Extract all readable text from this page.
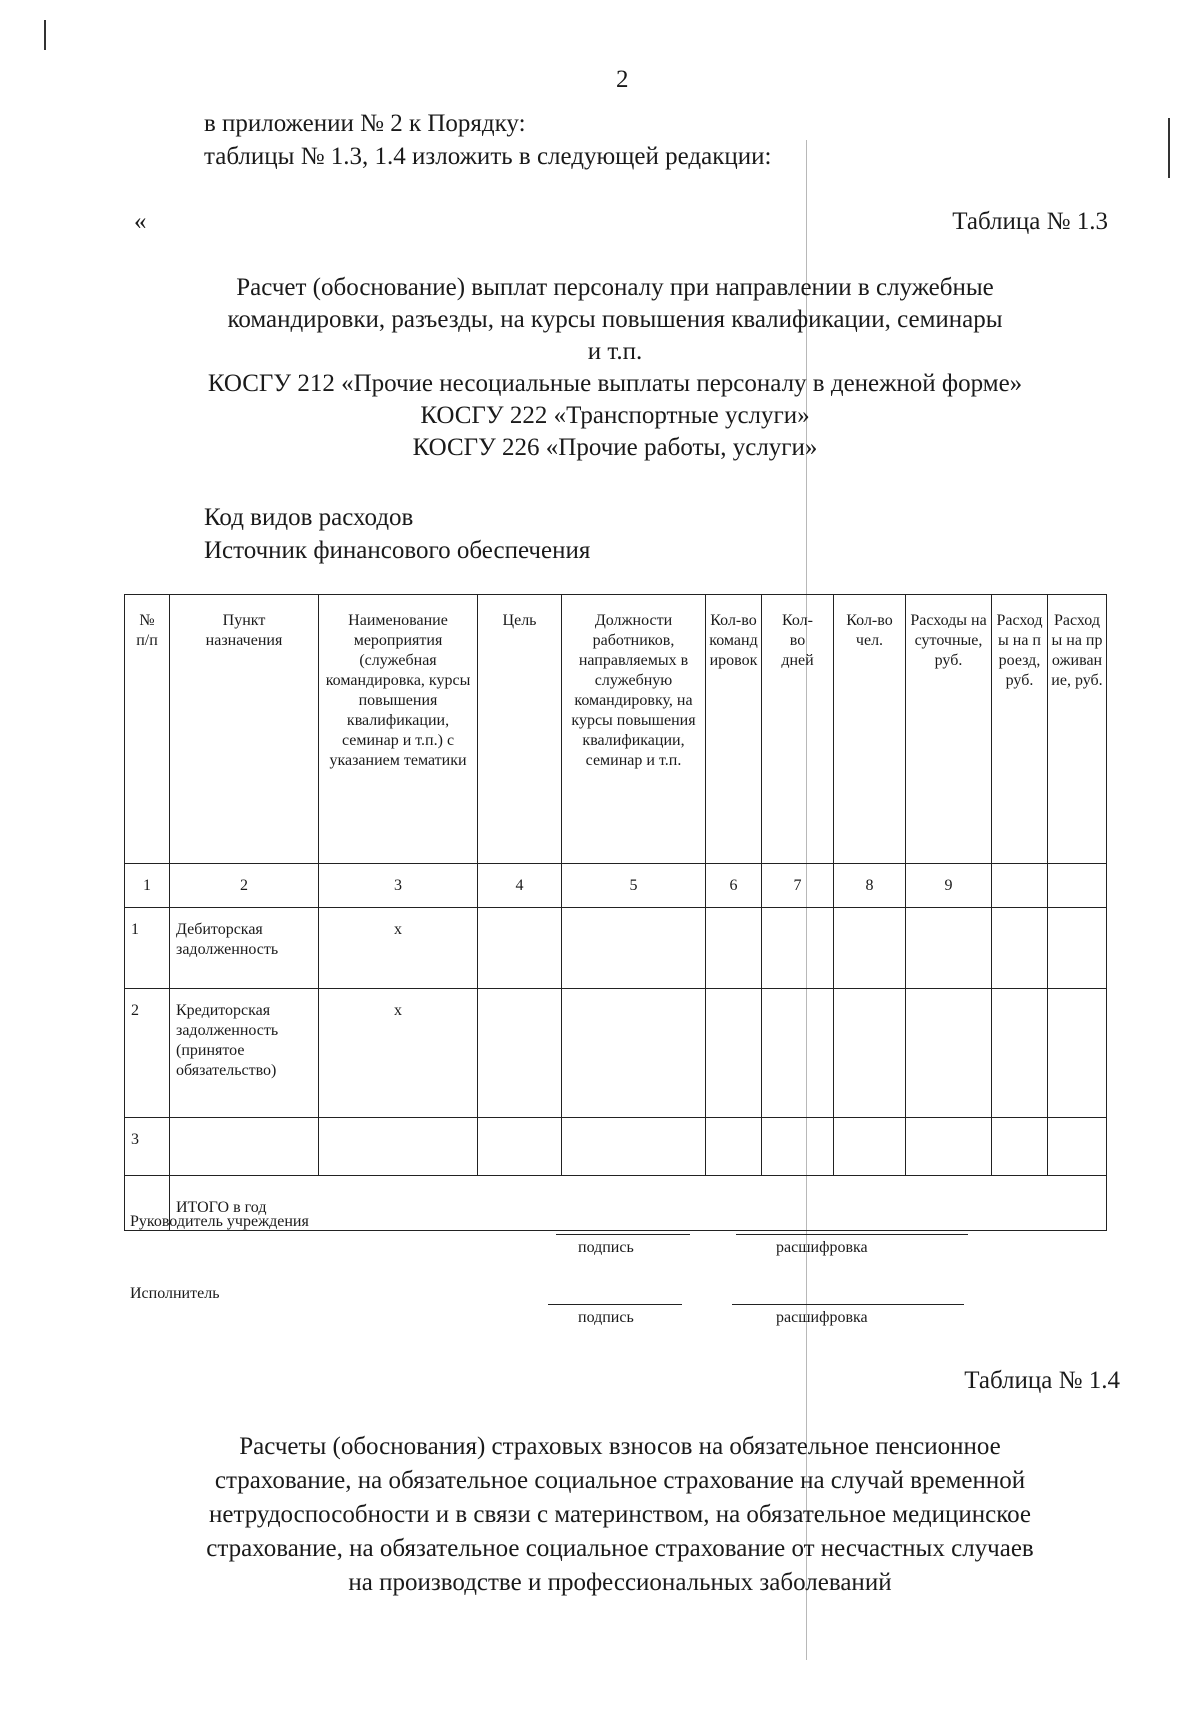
2
в приложении № 2 к Порядку:
таблицы № 1.3, 1.4 изложить в следующей редакции:
«	Таблица № 1.3
Расчет (обоснование) выплат персоналу при направлении в служебные
командировки, разъезды, на курсы повышения квалификации, семинары
и т.п.
КОСГУ 212 «Прочие несоциальные выплаты персоналу в денежной форме»
КОСГУ 222 «Транспортные услуги»
КОСГУ 226 «Прочие работы, услуги»
Код видов расходов
Источник финансового обеспечения
№ п/п	Пункт назначения	Наименование мероприятия (служебная командировка, курсы повышения квалификации, семинар и т.п.) с указанием тематики	Цель	Должности работников, направляемых в служебную командировку, на курсы повышения квалификации, семинар и т.п.	Кол-во командировок	Кол-во дней	Кол-во чел.	Расходы на суточные, руб.	Расходы на проезд, руб.	Расходы на проживание, руб.

1	2	3	4	5	6	7	8	9		
1	Дебиторская задолженность	х								
2	Кредиторская задолженность (принятое обязательство)	х								
3										
	ИТОГО в год									
Руководитель учреждения
подпись	расшифровка
Исполнитель
подпись	расшифровка
Таблица № 1.4
Расчеты (обоснования) страховых взносов на обязательное пенсионное
страхование, на обязательное социальное страхование на случай временной
нетрудоспособности и в связи с материнством, на обязательное медицинское
страхование, на обязательное социальное страхование от несчастных случаев
на производстве и профессиональных заболеваний
